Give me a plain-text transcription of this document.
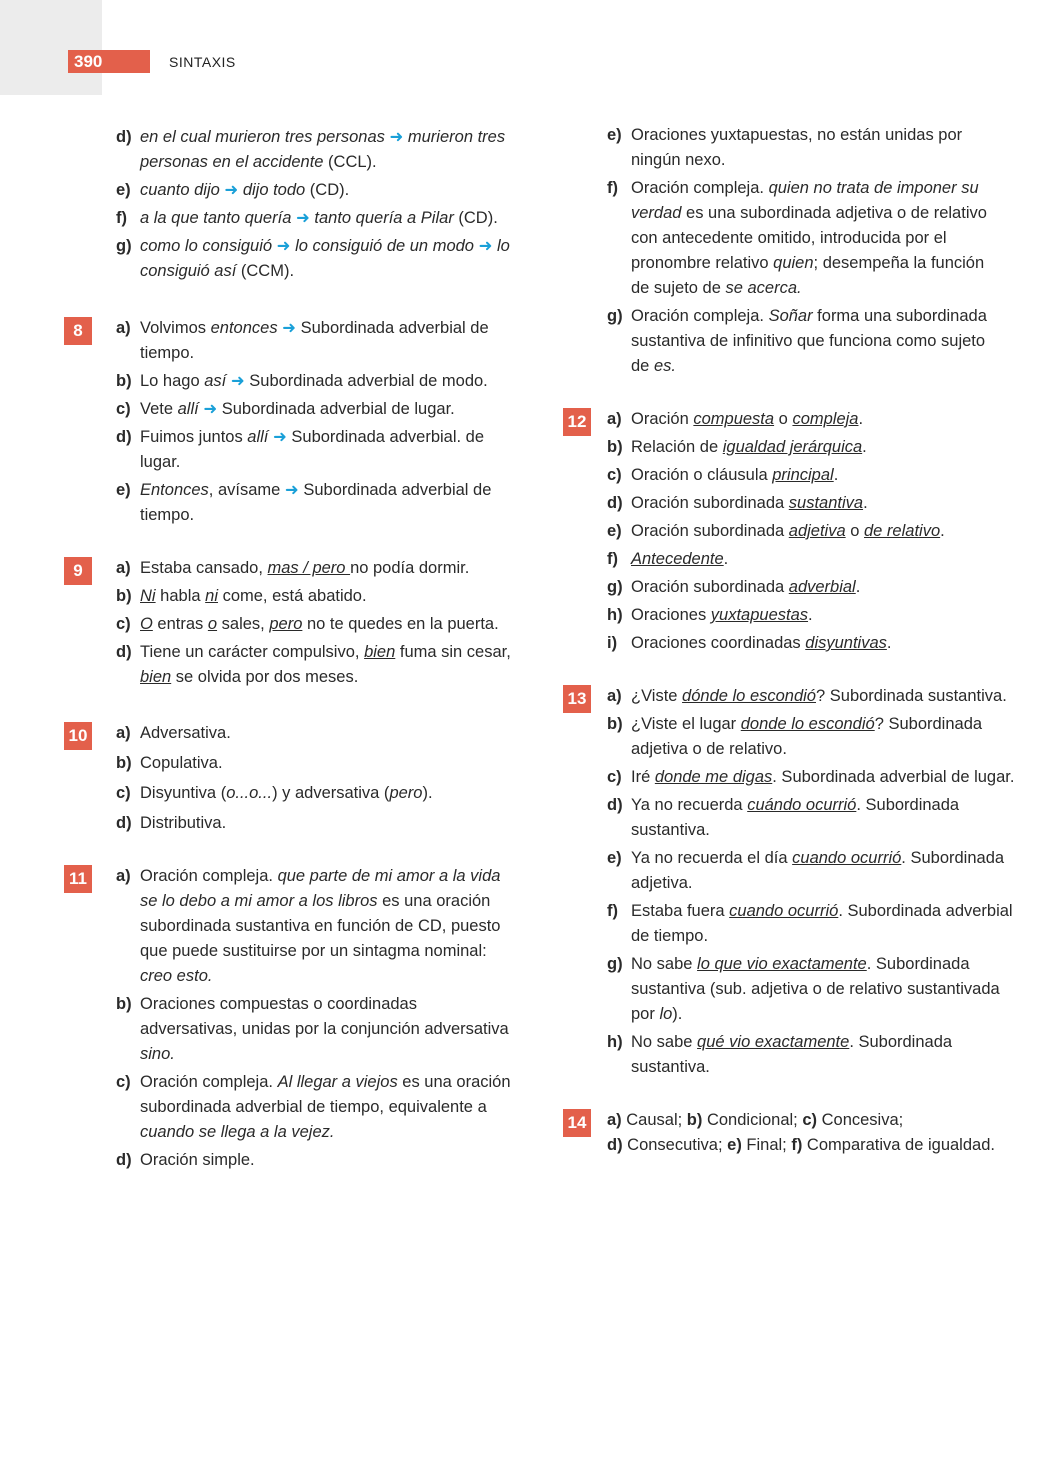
390	SINTAXIS
d) en el cual murieron tres personas ➜ murieron tres personas en el accidente (CCL).
e) cuanto dijo ➜ dijo todo (CD).
f) a la que tanto quería ➜ tanto quería a Pilar (CD).
g) como lo consiguió ➜ lo consiguió de un modo ➜ lo consiguió así (CCM).
8	a) Volvimos entonces ➜ Subordinada adverbial de tiempo.
b) Lo hago así ➜ Subordinada adverbial de modo.
c) Vete allí ➜ Subordinada adverbial de lugar.
d) Fuimos juntos allí ➜ Subordinada adverbial. de lugar.
e) Entonces, avísame ➜ Subordinada adverbial de tiempo.
9	a) Estaba cansado, mas / pero no podía dormir.
b) Ni habla ni come, está abatido.
c) O entras o sales, pero no te quedes en la puerta.
d) Tiene un carácter compulsivo, bien fuma sin cesar, bien se olvida por dos meses.
10 a) Adversativa.
b) Copulativa.
c) Disyuntiva (o...o...) y adversativa (pero).
d) Distributiva.
11	a) Oración compleja. que parte de mi amor a la vida se lo debo a mi amor a los libros es una oración subordinada sustantiva en función de CD, puesto que puede sustituirse por un sintagma nominal: creo esto.
b) Oraciones compuestas o coordinadas adversativas, unidas por la conjunción adversativa sino.
c) Oración compleja. Al llegar a viejos es una oración subordinada adverbial de tiempo, equivalente a cuando se llega a la vejez.
d) Oración simple.
e) Oraciones yuxtapuestas, no están unidas por ningún nexo.
f) Oración compleja. quien no trata de imponer su verdad es una subordinada adjetiva o de relativo con antecedente omitido, introducida por el pronombre relativo quien; desempeña la función de sujeto de se acerca.
g) Oración compleja. Soñar forma una subordinada sustantiva de infinitivo que funciona como sujeto de es.
12 a) Oración compuesta o compleja.
b) Relación de igualdad jerárquica.
c) Oración o cláusula principal.
d) Oración subordinada sustantiva.
e) Oración subordinada adjetiva o de relativo.
f) Antecedente.
g) Oración subordinada adverbial.
h) Oraciones yuxtapuestas.
i) Oraciones coordinadas disyuntivas.
13 a) ¿Viste dónde lo escondió? Subordinada sustantiva.
b) ¿Viste el lugar donde lo escondió? Subordinada adjetiva o de relativo.
c) Iré donde me digas. Subordinada adverbial de lugar.
d) Ya no recuerda cuándo ocurrió. Subordinada sustantiva.
e) Ya no recuerda el día cuando ocurrió. Subordinada adjetiva.
f) Estaba fuera cuando ocurrió. Subordinada adverbial de tiempo.
g) No sabe lo que vio exactamente. Subordinada sustantiva (sub. adjetiva o de relativo sustantivada por lo).
h) No sabe qué vio exactamente. Subordinada sustantiva.
14 a) Causal; b) Condicional; c) Concesiva;
d) Consecutiva; e) Final; f) Comparativa de igualdad.
